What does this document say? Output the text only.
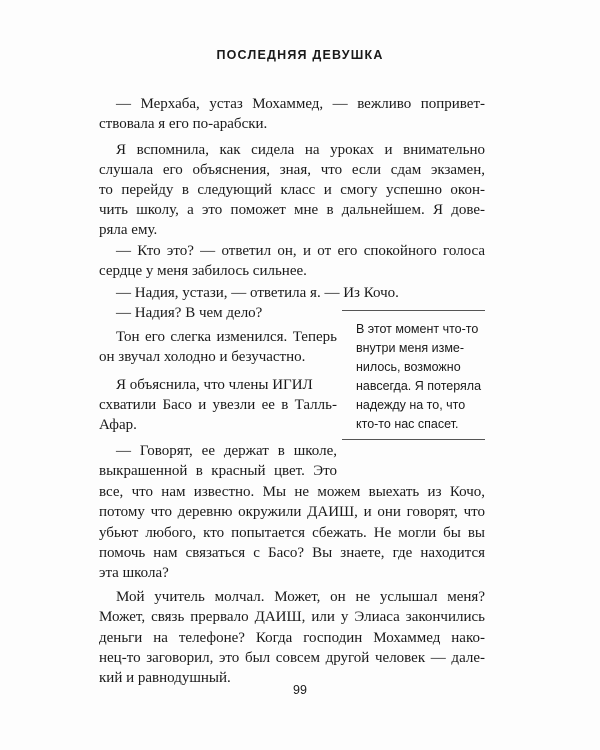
ПОСЛЕДНЯЯ ДЕВУШКА
— Мерхаба, устаз Мохаммед, — вежливо попривет-
ствовала я его по-арабски.
Я вспомнила, как сидела на уроках и внимательно
слушала его объяснения, зная, что если сдам экзамен,
то перейду в следующий класс и смогу успешно окон-
чить школу, а это поможет мне в дальнейшем. Я дове-
ряла ему.
— Кто это? — ответил он, и от его спокойного голоса
сердце у меня забилось сильнее.
— Надия, устази, — ответила я. — Из Кочо.
— Надия? В чем дело?
Тон его слегка изменился. Теперь
он звучал холодно и безучастно.
Я объяснила, что члены ИГИЛ
схватили Басо и увезли ее в Талль-
Афар.
— Говорят, ее держат в школе,
выкрашенной в красный цвет. Это
все, что нам известно. Мы не можем выехать из Кочо,
потому что деревню окружили ДАИШ, и они говорят, что
убьют любого, кто попытается сбежать. Не могли бы вы
помочь нам связаться с Басо? Вы знаете, где находится
эта школа?
Мой учитель молчал. Может, он не услышал меня?
Может, связь прервало ДАИШ, или у Элиаса закончились
деньги на телефоне? Когда господин Мохаммед нако-
нец-то заговорил, это был совсем другой человек — дале-
кий и равнодушный.
В этот момент что-то
внутри меня изме-
нилось, возможно
навсегда. Я потеряла
надежду на то, что
кто-то нас спасет.
99
